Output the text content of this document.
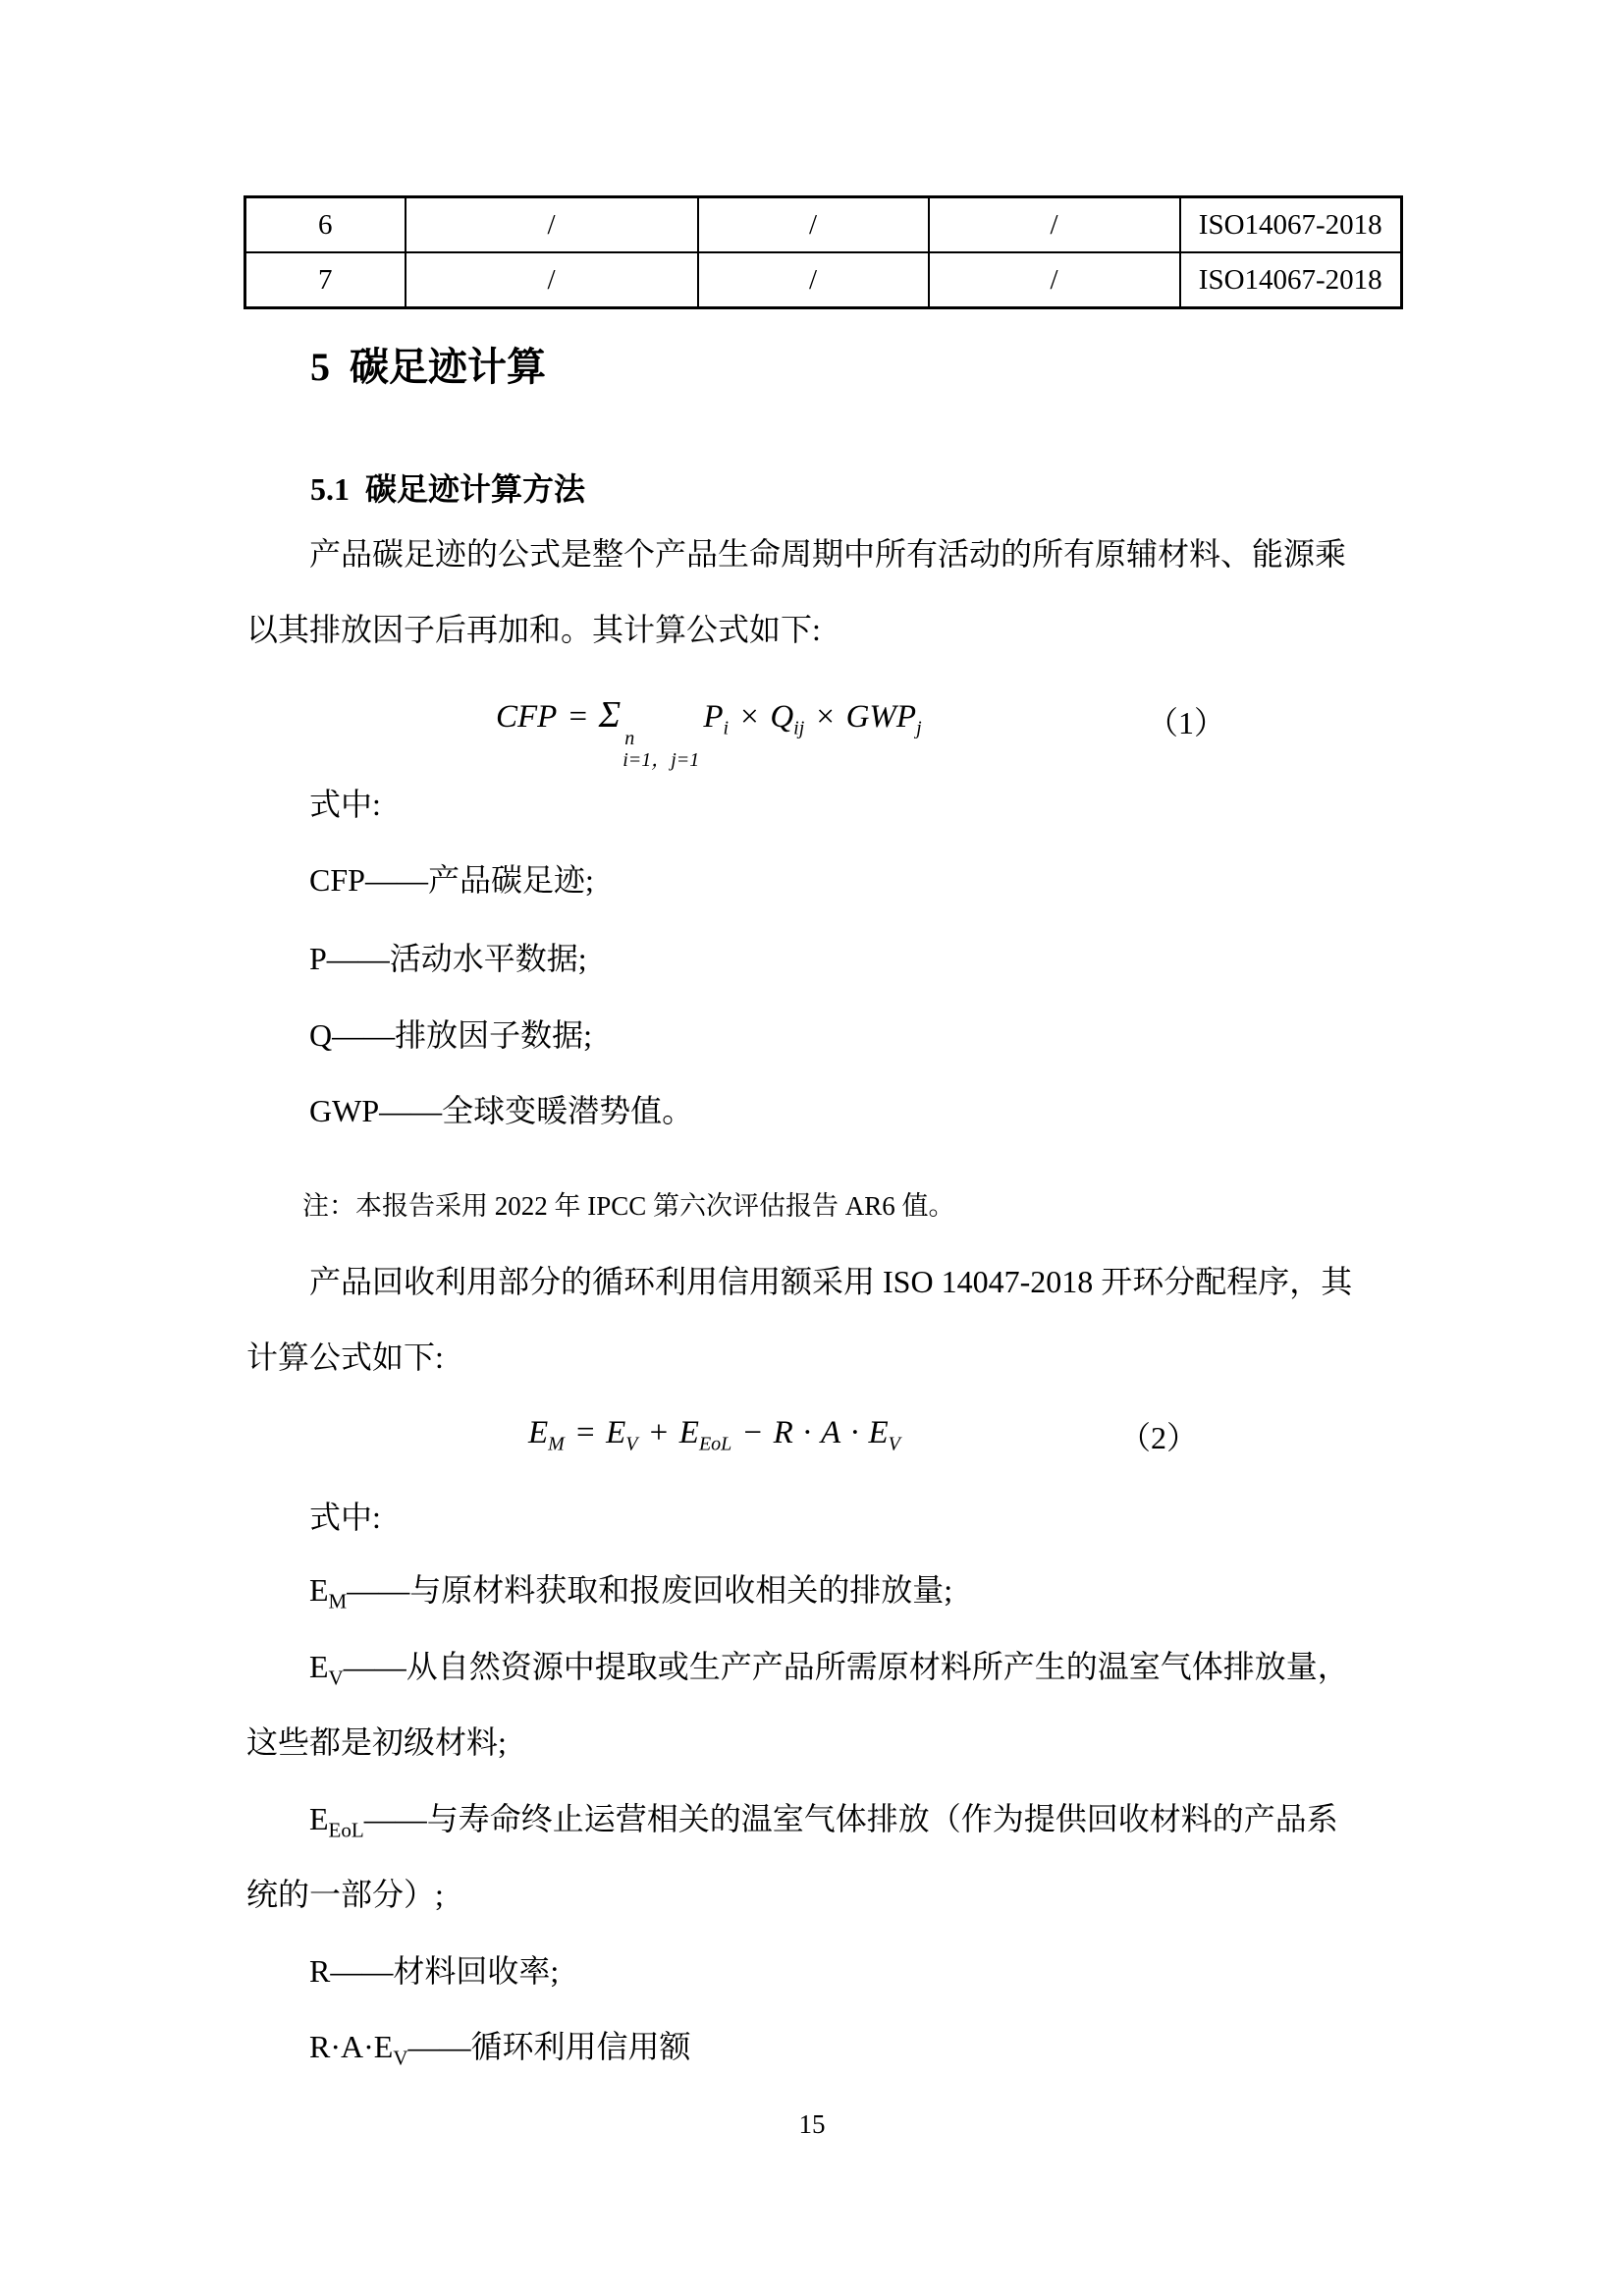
6	/	/	/	ISO14067-2018
7	/	/	/	ISO14067-2018
5 碳足迹计算
5.1 碳足迹计算方法
产品碳足迹的公式是整个产品生命周期中所有活动的所有原辅材料、能源乘
以其排放因子后再加和。其计算公式如下:
CFP = Σ
n
i=1，j=1
$P_i \times Q_{ij} \times GWP_j$	（1）
式中:
CFP——产品碳足迹;
P——活动水平数据;
Q——排放因子数据;
GWP——全球变暖潜势值。
注：本报告采用 2022 年 IPCC 第六次评估报告 AR6 值。
产品回收利用部分的循环利用信用额采用 ISO 14047-2018 开环分配程序，其
计算公式如下:
$E_M = E_V + E_{EoL} - R \cdot A \cdot E_V$	（2）
式中:
$E_M——$与原材料获取和报废回收相关的排放量;
$E_V——$从自然资源中提取或生产产品所需原材料所产生的温室气体排放量，
这些都是初级材料;
$E_{EoL}——$与寿命终止运营相关的温室气体排放（作为提供回收材料的产品系
统的一部分）;
R——材料回收率;
$R\cdot A\cdot E_V——$循环利用信用额
15
